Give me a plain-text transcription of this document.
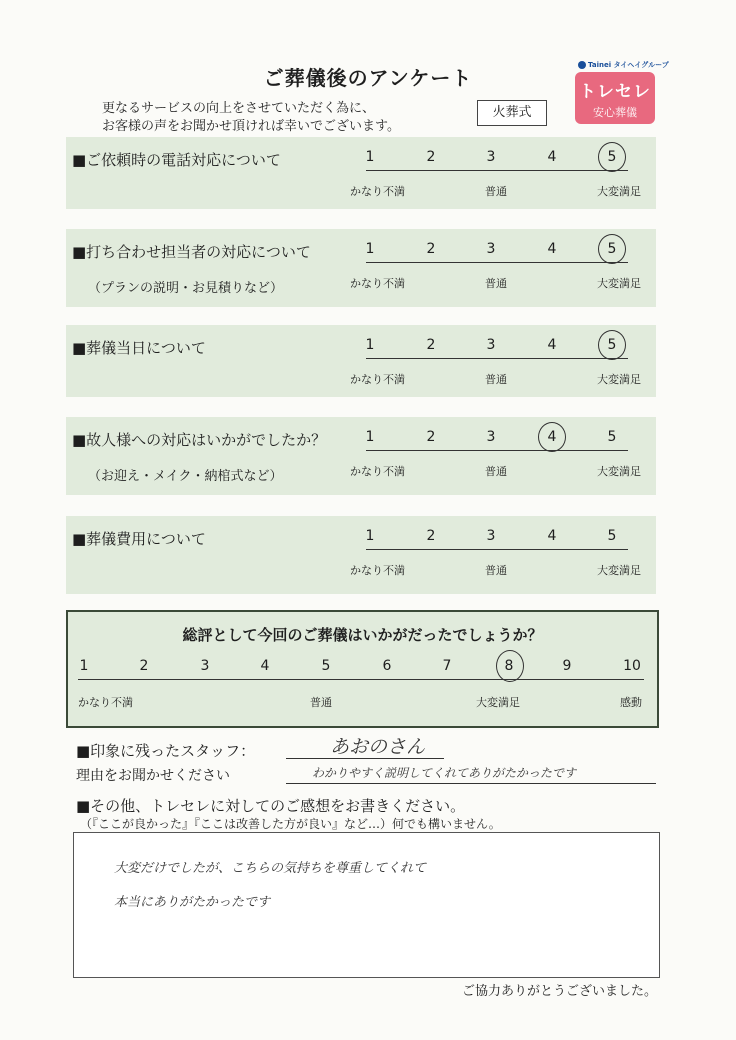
ご葬儀後のアンケート
更なるサービスの向上をさせていただく為に、
お客様の声をお聞かせ頂ければ幸いでございます。
火葬式
Tainei タイヘイグループ
トレセレ
安心葬儀
■ご依頼時の電話対応について
かなり不満	普通	大変満足
1	2	3	4	5
■打ち合わせ担当者の対応について
（プランの説明・お見積りなど）	かなり不満	普通	大変満足
1	2	3	4	5
■葬儀当日について
かなり不満	普通	大変満足
1	2	3	4	5
■故人様への対応はいかがでしたか？
（お迎え・メイク・納棺式など）	かなり不満	普通	大変満足
1	2	3	4	5
■葬儀費用について
かなり不満	普通	大変満足
1	2	3	4	5
総評として今回のご葬儀はいかがだったでしょうか？
1	2	3	4	5	6	7	8	9	10
かなり不満	普通	大変満足	感動
■印象に残ったスタッフ：	あおのさん
理由をお聞かせください	わかりやすく説明してくれてありがたかったです
■その他、トレセレに対してのご感想をお書きください。
（『ここが良かった』『ここは改善した方が良い』など…）何でも構いません。
大変だけでしたが、こちらの気持ちを尊重してくれて
本当にありがたかったです
ご協力ありがとうございました。
